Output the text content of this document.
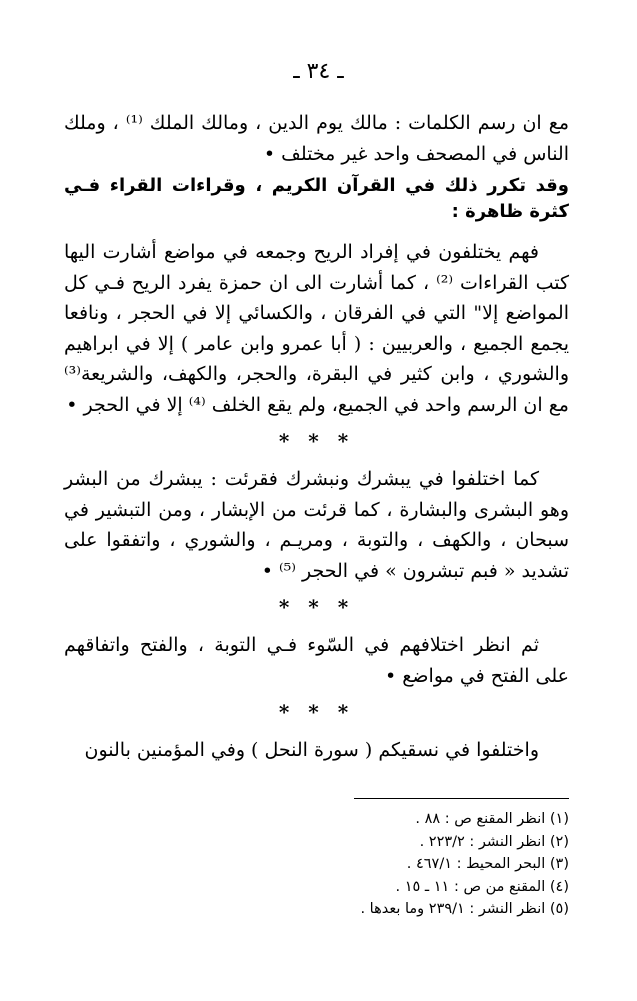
ـ ٣٤ ـ

مع ان رسم الكلمات : مالك يوم الدين ، ومالك الملك ⁽¹⁾ ، وملك الناس في المصحف واحد غير مختلف •

وقد تكرر ذلك في القرآن الكريم ، وقراءات القراء فـي كثرة ظاهرة :

فهم يختلفون في إفراد الريح وجمعه في مواضع أشارت اليها كتب القراءات ⁽²⁾ ، كما أشارت الى ان حمزة يفرد الريح فـي كل المواضع إلا" التي في الفرقان ، والكسائي إلا في الحجر ، ونافعا يجمع الجميع ، والعربيين : ( أبا عمرو وابن عامر ) إلا في ابراهيم والشوري ، وابن كثير في البقرة، والحجر، والكهف، والشريعة⁽³⁾ مع ان الرسم واحد في الجميع، ولم يقع الخلف ⁽⁴⁾ إلا في الحجر •

* * *

كما اختلفوا في يبشرك ونبشرك فقرئت : يبشرك من البشر وهو البشرى والبشارة ، كما قرئت من الإبشار ، ومن التبشير في سبحان ، والكهف ، والتوبة ، ومريـم ، والشوري ، واتفقوا على تشديد « فبم تبشرون » في الحجر ⁽⁵⁾ •

* * *

ثم انظر اختلافهم في السّوء فـي التوبة ، والفتح واتفاقهم على الفتح في مواضع •

* * *

واختلفوا في نسقيكم ( سورة النحل ) وفي المؤمنين بالنون

(١) انظر المقنع ص : ٨٨ .

(٢) انظر النشر : ٢٢٣/٢ .

(٣) البحر المحيط : ٤٦٧/١ .

(٤) المقنع من ص : ١١ ـ ١٥ .

(٥) انظر النشر : ٢٣٩/١ وما بعدها .
